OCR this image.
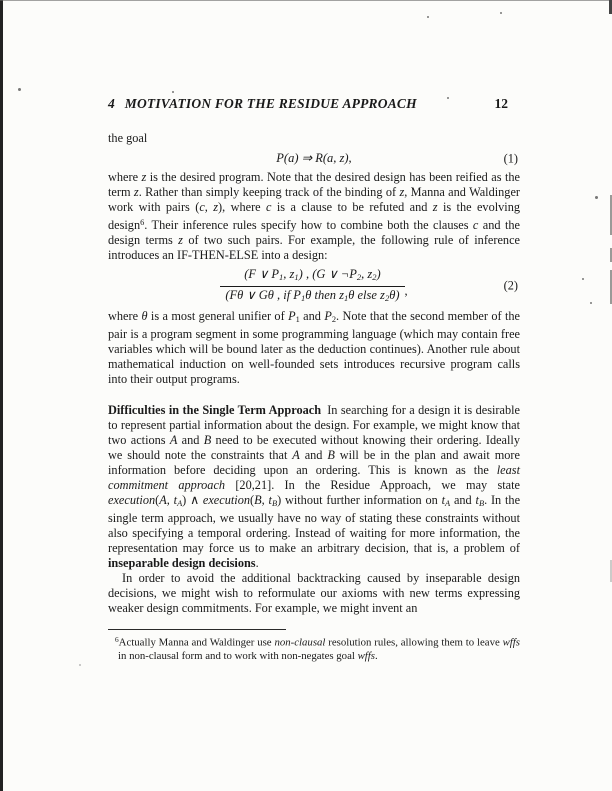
4 MOTIVATION FOR THE RESIDUE APPROACH	12

the goal

P(a) ⇒ R(a, z),	(1)

where z is the desired program. Note that the desired design has been reified as the term z. Rather than simply keeping track of the binding of z, Manna and Waldinger work with pairs (c, z), where c is a clause to be refuted and z is the evolving design$^6$. Their inference rules specify how to combine both the clauses c and the design terms z of two such pairs. For example, the following rule of inference introduces an IF-THEN-ELSE into a design:

$\frac{(F \vee P1, z1) , (G \vee \neg P2, z2)}{\text{(Fθ ∨ Gθ , if P1θ then z1θ else z2θ)}}$ ,	(2)

where θ is a most general unifier of P1 and P2. Note that the second member of the pair is a program segment in some programming language (which may contain free variables which will be bound later as the deduction continues). Another rule about mathematical induction on well-founded sets introduces recursive program calls into their output programs.

Difficulties in the Single Term Approach In searching for a design it is desirable to represent partial information about the design. For example, we might know that two actions A and B need to be executed without knowing their ordering. Ideally we should note the constraints that A and B will be in the plan and await more information before deciding upon an ordering. This is known as the least commitment approach [20,21]. In the Residue Approach, we may state execution(A, tA) ∧ execution(B, tB) without further information on tA and tB. In the single term approach, we usually have no way of stating these constraints without also specifying a temporal ordering. Instead of waiting for more information, the representation may force us to make an arbitrary decision, that is, a problem of inseparable design decisions.

In order to avoid the additional backtracking caused by inseparable design decisions, we might wish to reformulate our axioms with new terms expressing weaker design commitments. For example, we might invent an

$^6$Actually Manna and Waldinger use non-clausal resolution rules, allowing them to leave wffs in non-clausal form and to work with non-negates goal wffs.
